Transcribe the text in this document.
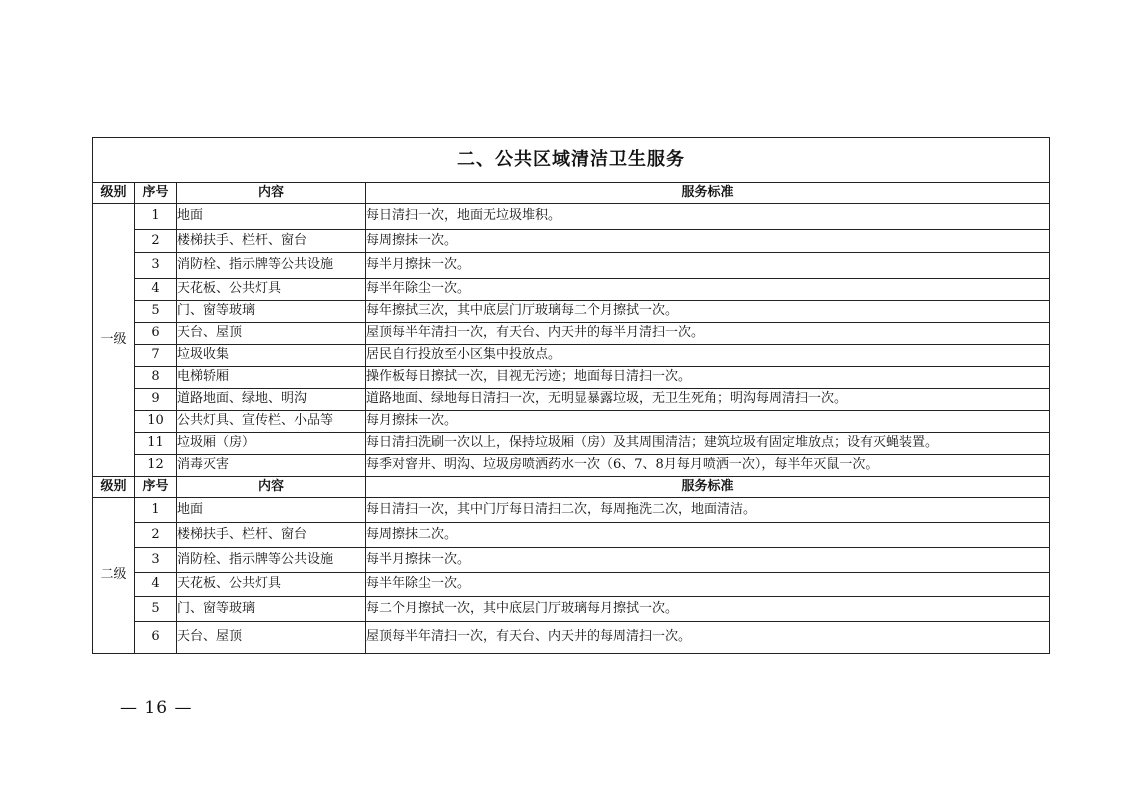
二、公共区域清洁卫生服务			
级别	序号	内容	服务标准
一级	1	地面	每日清扫一次，地面无垃圾堆积。
	2	楼梯扶手、栏杆、窗台	每周擦抹一次。
	3	消防栓、指示牌等公共设施	每半月擦抹一次。
	4	天花板、公共灯具	每半年除尘一次。
	5	门、窗等玻璃	每年擦拭三次，其中底层门厅玻璃每二个月擦拭一次。
	6	天台、屋顶	屋顶每半年清扫一次，有天台、内天井的每半月清扫一次。
	7	垃圾收集	居民自行投放至小区集中投放点。
	8	电梯轿厢	操作板每日擦拭一次，目视无污迹；地面每日清扫一次。
	9	道路地面、绿地、明沟	道路地面、绿地每日清扫一次，无明显暴露垃圾，无卫生死角；明沟每周清扫一次。
	10	公共灯具、宣传栏、小品等	每月擦抹一次。
	11	垃圾厢（房）	每日清扫洗刷一次以上，保持垃圾厢（房）及其周围清洁；建筑垃圾有固定堆放点；设有灭蝇装置。
	12	消毒灭害	每季对窨井、明沟、垃圾房喷洒药水一次（6、7、8月每月喷洒一次），每半年灭鼠一次。
级别	序号	内容	服务标准
二级	1	地面	每日清扫一次，其中门厅每日清扫二次，每周拖洗二次，地面清洁。
	2	楼梯扶手、栏杆、窗台	每周擦抹二次。
	3	消防栓、指示牌等公共设施	每半月擦抹一次。
	4	天花板、公共灯具	每半年除尘一次。
	5	门、窗等玻璃	每二个月擦拭一次，其中底层门厅玻璃每月擦拭一次。
	6	天台、屋顶	屋顶每半年清扫一次，有天台、内天井的每周清扫一次。
— 16 —
